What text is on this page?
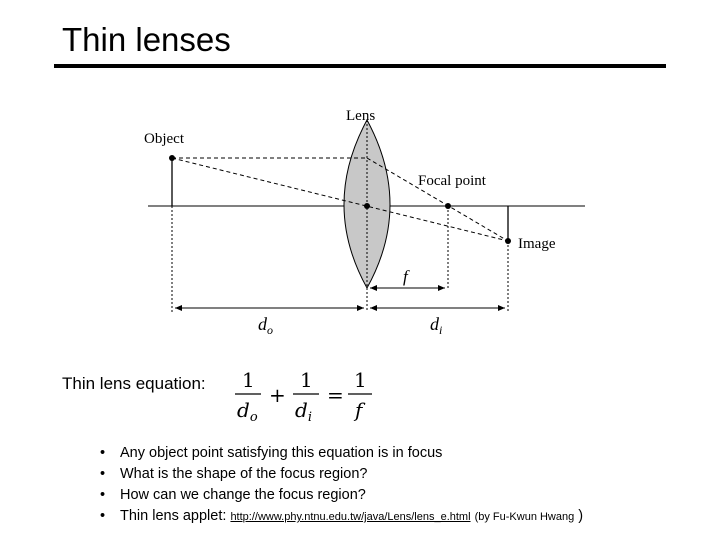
Thin lenses
Lens
Object
Focal point
Image
f
$d_o$	$d_i$
Thin lens equation: 1
$d_o$
+
1
$d_i$
=
1
f
• Any object point satisfying this equation is in focus
• What is the shape of the focus region?
• How can we change the focus region?
• Thin lens applet: http://www.phy.ntnu.edu.tw/java/Lens/lens_e.html (by Fu-Kwun Hwang )
